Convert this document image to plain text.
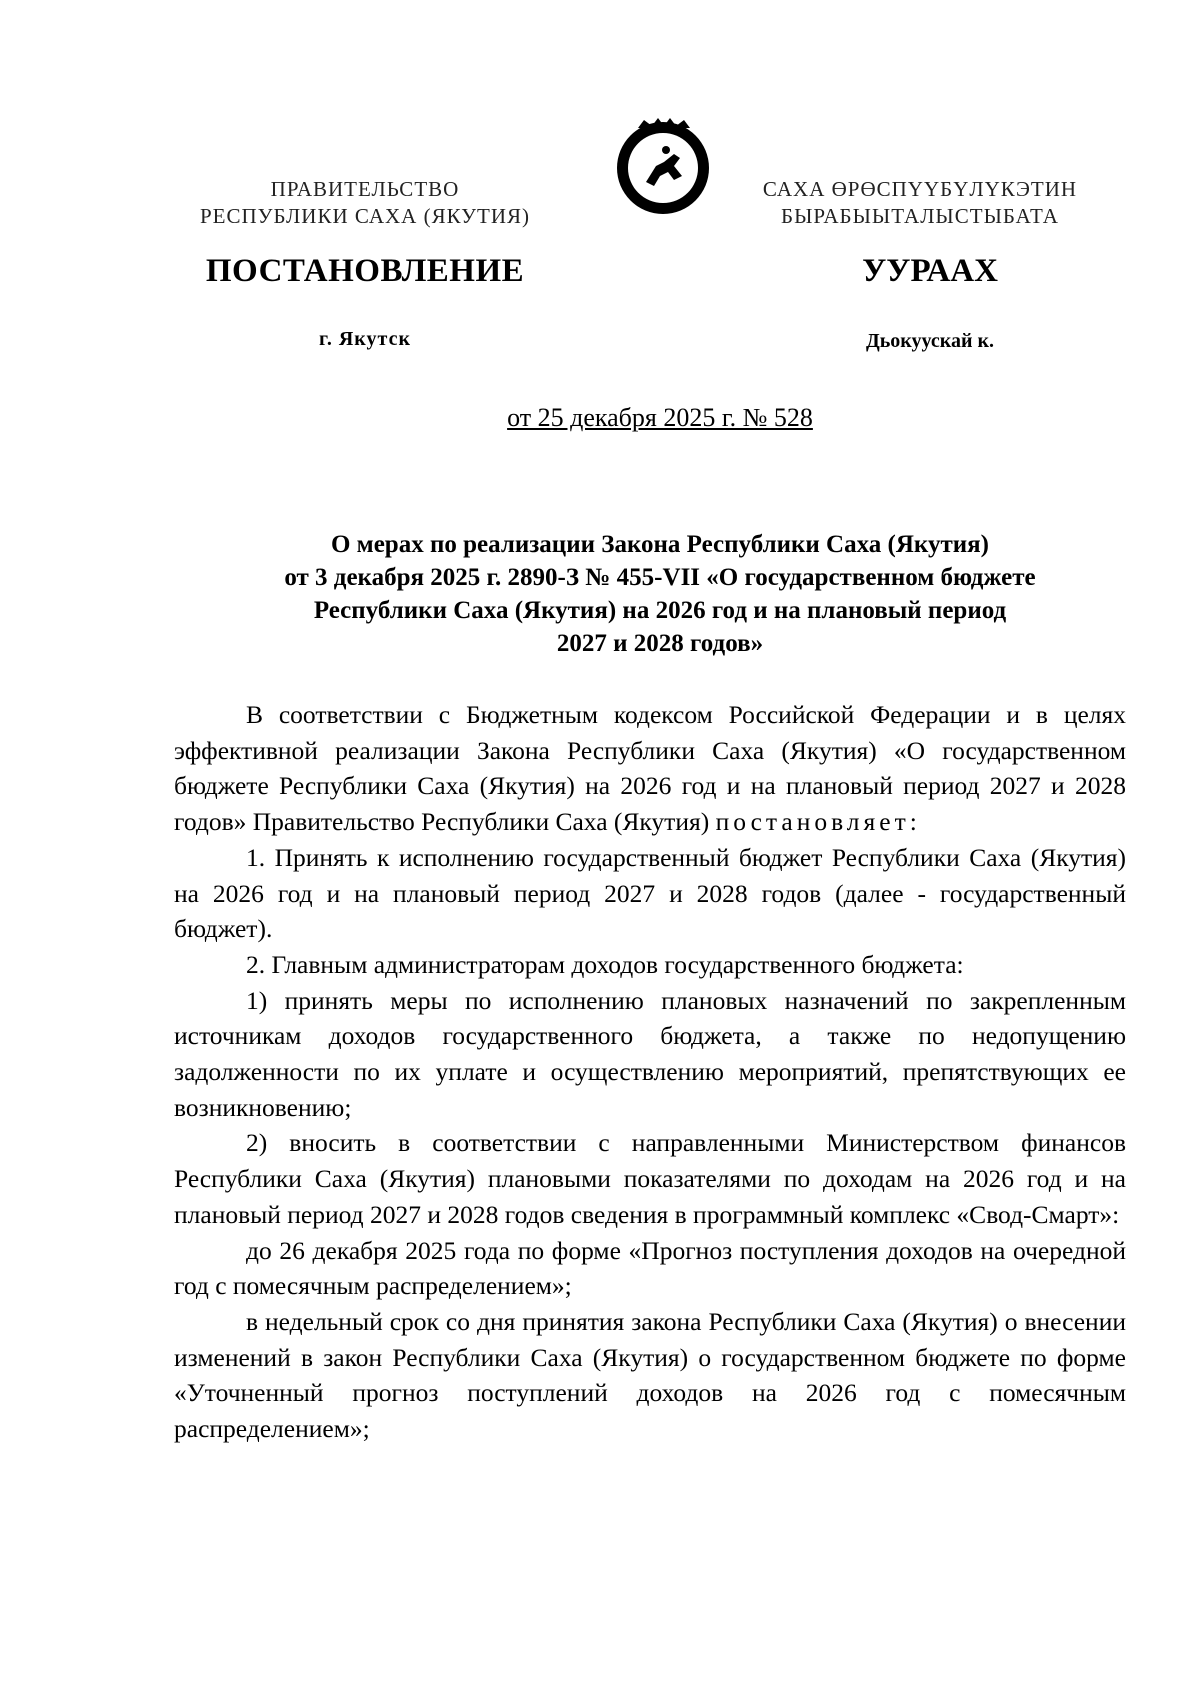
ПРАВИТЕЛЬСТВО
РЕСПУБЛИКИ САХА (ЯКУТИЯ)
САХА ӨРӨСПҮҮБҮЛҮКЭТИН
БЫРАБЫЫТАЛЫСТЫБАТА
ПОСТАНОВЛЕНИЕ	УУРААХ
г. Якутск	Дьокуускай к.
от 25 декабря 2025 г. № 528
О мерах по реализации Закона Республики Саха (Якутия)
от 3 декабря 2025 г. 2890-З № 455-VII «О государственном бюджете
Республики Саха (Якутия) на 2026 год и на плановый период
2027 и 2028 годов»

В соответствии с Бюджетным кодексом Российской Федерации и в целях эффективной реализации Закона Республики Саха (Якутия) «О государственном бюджете Республики Саха (Якутия) на 2026 год и на плановый период 2027 и 2028 годов» Правительство Республики Саха (Якутия) постановляет:

1. Принять к исполнению государственный бюджет Республики Саха (Якутия) на 2026 год и на плановый период 2027 и 2028 годов (далее - государственный бюджет).

2. Главным администраторам доходов государственного бюджета:

1) принять меры по исполнению плановых назначений по закрепленным источникам доходов государственного бюджета, а также по недопущению задолженности по их уплате и осуществлению мероприятий, препятствующих ее возникновению;

2) вносить в соответствии с направленными Министерством финансов Республики Саха (Якутия) плановыми показателями по доходам на 2026 год и на плановый период 2027 и 2028 годов сведения в программный комплекс «Свод-Смарт»:

до 26 декабря 2025 года по форме «Прогноз поступления доходов на очередной год с помесячным распределением»;

в недельный срок со дня принятия закона Республики Саха (Якутия) о внесении изменений в закон Республики Саха (Якутия) о государственном бюджете по форме «Уточненный прогноз поступлений доходов на 2026 год с помесячным распределением»;
